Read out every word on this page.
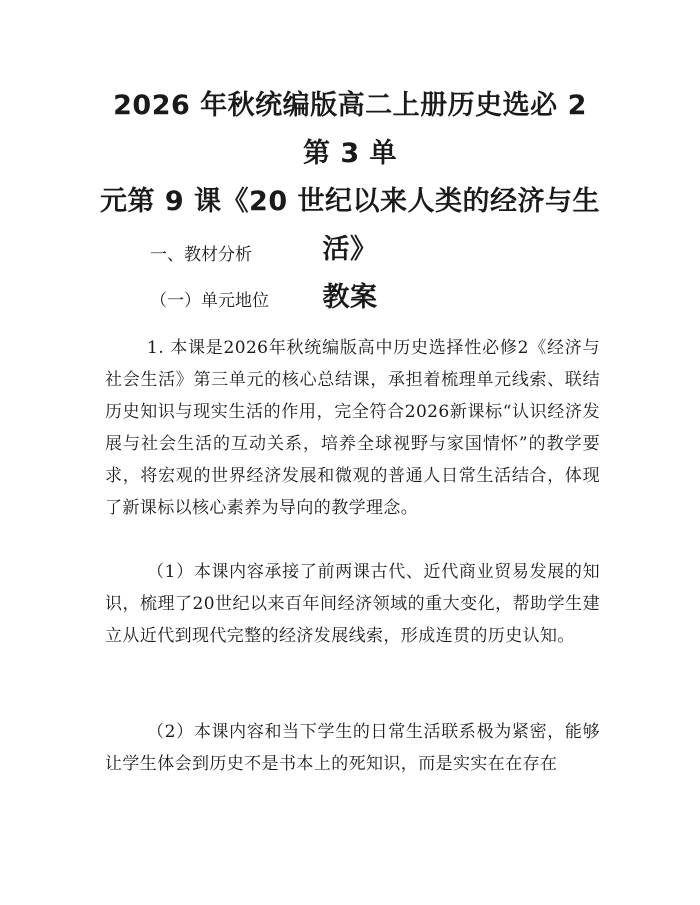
2026 年秋统编版高二上册历史选必 2 第 3 单
元第 9 课《20 世纪以来人类的经济与生活》
教案
一、教材分析
（一）单元地位
1. 本课是2026年秋统编版高中历史选择性必修2《经济与社会生活》第三单元的核心总结课，承担着梳理单元线索、联结历史知识与现实生活的作用，完全符合2026新课标“认识经济发展与社会生活的互动关系，培养全球视野与家国情怀”的教学要求，将宏观的世界经济发展和微观的普通人日常生活结合，体现了新课标以核心素养为导向的教学理念。
（1）本课内容承接了前两课古代、近代商业贸易发展的知识，梳理了20世纪以来百年间经济领域的重大变化，帮助学生建立从近代到现代完整的经济发展线索，形成连贯的历史认知。
（2）本课内容和当下学生的日常生活联系极为紧密，能够让学生体会到历史不是书本上的死知识，而是实实在在存在
